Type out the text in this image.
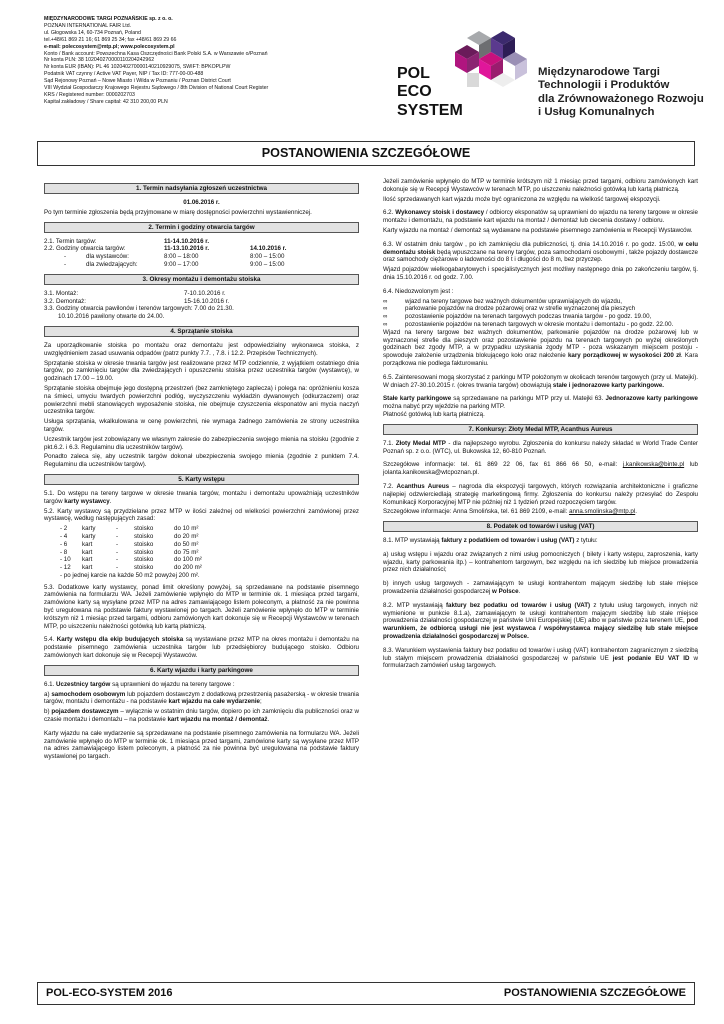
MIĘDZYNARODOWE TARGI POZNAŃSKIE sp. z o. o.
POZNAN INTERNATIONAL FAIR Ltd.
ul. Głogowska 14, 60-734 Poznań, Poland
tel.+48/61 869 21 16; 61 869 25 34; fax +48/61 869 29 66
e-mail: polecosystem@mtp.pl; www.polecosystem.pl
Konto / Bank account: Powszechna Kasa Oszczędności Bank Polski S.A. w Warszawie o/Poznań
Nr konta PLN: 38 102040270000110204242962
Nr konta EUR (IBAN): PL 46 102040270000140210929075, SWIFT: BPKOPLPW
Podatnik VAT czynny / Active VAT Payer, NIP / Tax ID: 777-00-00-488
Sąd Rejonowy Poznań – Nowe Miasto i Wilda w Poznaniu / Poznan District Court
VIII Wydział Gospodarczy Krajowego Rejestru Sądowego / 8th Division of National Court Register
KRS / Registered number: 0000202703
Kapitał zakładowy / Share capital: 42 310 200,00 PLN
POL
ECO
SYSTEM
Międzynarodowe Targi
Technologii i Produktów
dla Zrównoważonego Rozwoju
i Usług Komunalnych
POSTANOWIENIA SZCZEGÓŁOWE
1. Termin nadsyłania zgłoszeń uczestnictwa

01.06.2016 r.

Po tym terminie zgłoszenia będą przyjmowane w miarę dostępności powierzchni wystawienniczej.

2. Termin i godziny otwarcia targów
2.1. Termin targów:	11-14.10.2016 r.
2.2. Godziny otwarcia targów:	11-13.10.2016 r.	14.10.2016 r.
-	dla wystawców:	8:00 – 18:00	8:00 – 15:00
-	dla zwiedzających:	9:00 – 17:00	9:00 – 15:00
3. Okresy montażu i demontażu stoiska
3.1. Montaż:	7-10.10.2016 r.
3.2. Demontaż:	15-16.10.2016 r.
3.3. Godziny otwarcia pawilonów i terenów targowych: 7.00 do 21.30.
10.10.2016 pawilony otwarte do 24.00.
4. Sprzątanie stoiska

Za uporządkowanie stoiska po montażu oraz demontażu jest odpowiedzialny wykonawca stoiska, z uwzględnieniem zasad usuwania odpadów (patrz punkty 7.7. , 7.8. i 12.2. Przepisów Technicznych).

Sprzątanie stoiska w okresie trwania targów jest realizowane przez MTP codziennie, z wyjątkiem ostatniego dnia targów, po zamknięciu targów dla zwiedzających i opuszczeniu stoiska przez uczestnika targów (wystawcę), w godzinach 17.00 – 19.00.

Sprzątanie stoiska obejmuje jego dostępną przestrzeń (bez zamkniętego zaplecza) i polega na: opróżnieniu kosza na śmieci, umyciu twardych powierzchni podłóg, wyczyszczeniu wykładzin dywanowych (odkurzaczem) oraz powierzchni mebli stanowiących wyposażenie stoiska, nie obejmuje czyszczenia eksponatów ani mycia naczyń uczestnika targów.

Usługa sprzątania, wkalkulowana w cenę powierzchni, nie wymaga żadnego zamówienia ze strony uczestnika targów.

Uczestnik targów jest zobowiązany we własnym zakresie do zabezpieczenia swojego mienia na stoisku (zgodnie z pkt.6.2. i 6.3. Regulaminu dla uczestników targów).

Ponadto zaleca się, aby uczestnik targów dokonał ubezpieczenia swojego mienia (zgodnie z punktem 7.4. Regulaminu dla uczestników targów).

5. Karty wstępu

5.1. Do wstępu na tereny targowe w okresie trwania targów, montażu i demontażu upoważniają uczestników targów karty wystawcy.

5.2. Karty wystawcy są przydzielane przez MTP w ilości zależnej od wielkości powierzchni zamówionej przez wystawcę, według następujących zasad:

- 2	karty	-	stoisko	do 10 m²
- 4	karty	-	stoisko	do 20 m²
- 6	kart	-	stoisko	do 50 m²
- 8	kart	-	stoisko	do 75 m²
- 10	kart	-	stoisko	do 100 m²
- 12	kart	-	stoisko	do 200 m²
- po jednej karcie na każde 50 m2 powyżej 200 m².

5.3. Dodatkowe karty wystawcy, ponad limit określony powyżej, są sprzedawane na podstawie pisemnego zamówienia na formularzu WA. Jeżeli zamówienie wpłynęło do MTP w terminie ok. 1 miesiąca przed targami, zamówione karty są wysyłane przez MTP na adres zamawiającego listem poleconym, a płatność za nie powinna być uregulowana na podstawie faktury wystawionej po targach. Jeżeli zamówienie wpłynęło do MTP w terminie krótszym niż 1 miesiąc przed targami, odbioru zamówionych kart dokonuje się w Recepcji Wystawców w terenach MTP, po uiszczeniu należności gotówką lub kartą płatniczą.

5.4. Karty wstępu dla ekip budujących stoiska są wystawiane przez MTP na okres montażu i demontażu na podstawie pisemnego zamówienia uczestnika targów lub przedsiębiorcy budującego stoisko. Odbioru zamówionych kart dokonuje się w Recepcji Wystawców.

6. Karty wjazdu i karty parkingowe

6.1. Uczestnicy targów są uprawnieni do wjazdu na tereny targowe :

a) samochodem osobowym lub pojazdem dostawczym z dodatkową przestrzenią pasażerską - w okresie trwania targów, montażu i demontażu - na podstawie kart wjazdu na całe wydarzenie;

b) pojazdem dostawczym – wyłącznie w ostatnim dniu targów, dopiero po ich zamknięciu dla publiczności oraz w czasie montażu i demontażu – na podstawie kart wjazdu na montaż / demontaż.

Karty wjazdu na całe wydarzenie są sprzedawane na podstawie pisemnego zamówienia na formularzu WA. Jeżeli zamówienie wpłynęło do MTP w terminie ok. 1 miesiąca przed targami, zamówione karty są wysyłane przez MTP na adres zamawiającego listem poleconym, a płatność za nie powinna być uregulowana na podstawie faktury wystawionej po targach.

Jeżeli zamówienie wpłynęło do MTP w terminie krótszym niż 1 miesiąc przed targami, odbioru zamówionych kart dokonuje się w Recepcji Wystawców w terenach MTP, po uiszczeniu należności gotówką lub kartą płatniczą.

Ilość sprzedawanych kart wjazdu może być ograniczona ze względu na wielkość targowej ekspozycji.

6.2. Wykonawcy stoisk i dostawcy / odbiorcy eksponatów są uprawnieni do wjazdu na tereny targowe w okresie montażu i demontażu, na podstawie kart wjazdu na montaż / demontaż lub ciecenia dostawy / odbioru.

Karty wjazdu na montaż / demontaż są wydawane na podstawie pisemnego zamówienia w Recepcji Wystawców.

6.3. W ostatnim dniu targów , po ich zamknięciu dla publiczności, tj. dnia 14.10.2016 r. po godz. 15:00, w celu demontażu stoisk będą wpuszczane na tereny targów, poza samochodami osobowymi , także pojazdy dostawcze oraz samochody ciężarowe o ładowności do 8 t i długości do 8 m, bez przyczep.

Wjazd pojazdów wielkogabarytowych i specjalistycznych jest możliwy następnego dnia po zakończeniu targów, tj. dnia 15.10.2016 r. od godz. 7.00.

6.4. Niedozwolonym jest :

∞	wjazd na tereny targowe bez ważnych dokumentów uprawniających do wjazdu,
∞	parkowanie pojazdów na drodze pożarowej oraz w strefie wyznaczonej dla pieszych
∞	pozostawienie pojazdów na terenach targowych podczas trwania targów - po godz. 19.00,
∞	pozostawienie pojazdów na terenach targowych w okresie montażu i demontażu - po godz. 22.00.

Wjazd na tereny targowe bez ważnych dokumentów, parkowanie pojazdów na drodze pożarowej lub w wyznaczonej strefie dla pieszych oraz pozostawienie pojazdu na terenach targowych po wyżej określonych godzinach bez zgody MTP, a w przypadku uzyskania zgody MTP - poza wskazanym miejscem postoju - spowoduje założenie urządzenia blokującego koło oraz nałożenie kary porządkowej w wysokości 200 zł. Kara porządkowa nie podlega fakturowaniu.

6.5. Zainteresowani mogą skorzystać z parkingu MTP położonym w okolicach terenów targowych (przy ul. Matejki). W dniach 27-30.10.2015 r. (okres trwania targów) obowiązują stałe i jednorazowe karty parkingowe.

Stałe karty parkingowe są sprzedawane na parkingu MTP przy ul. Matejki 63. Jednorazowe karty parkingowe można nabyć przy wjeździe na parking MTP.

Płatność gotówką lub kartą płatniczą.

7. Konkursy: Złoty Medal MTP, Acanthus Aureus

7.1. Złoty Medal MTP - dla najlepszego wyrobu. Zgłoszenia do konkursu należy składać w World Trade Center Poznań sp. z o.o. (WTC), ul. Bukowska 12, 60-810 Poznań.

Szczegółowe informacje: tel. 61 869 22 06, fax 61 866 66 50, e-mail: j.kanikowska@binte.pl lub jolanta.kanikowska@wtcpoznan.pl.

7.2. Acanthus Aureus – nagroda dla ekspozycji targowych, których rozwiązania architektoniczne i graficzne najlepiej odzwierciedlają strategię marketingową firmy. Zgłoszenia do konkursu należy przesyłać do Zespołu Komunikacji Korporacyjnej MTP nie później niż 1 tydzień przed rozpoczęciem targów.

Szczegółowe informacje: Anna Smolińska, tel. 61 869 2109, e-mail: anna.smolinska@mtp.pl.

8. Podatek od towarów i usług (VAT)

8.1. MTP wystawiają faktury z podatkiem od towarów i usług (VAT) z tytułu:

a) usług wstępu i wjazdu oraz związanych z nimi usług pomocniczych ( bilety i karty wstępu, zaproszenia, karty wjazdu, karty parkowania itp.) – kontrahentom targowym, bez względu na ich siedzibę lub miejsce prowadzenia przez nich działalności;

b) innych usług targowych - zamawiającym te usługi kontrahentom mającym siedzibę lub stałe miejsce prowadzenia działalności gospodarczej w Polsce.

8.2. MTP wystawiają faktury bez podatku od towarów i usług (VAT) z tytułu usług targowych, innych niż wymienione w punkcie 8.1.a), zamawiającym te usługi kontrahentom mającym siedzibę lub stałe miejsce prowadzenia działalności gospodarczej w państwie Unii Europejskiej (UE) albo w państwie poza terenem UE, pod warunkiem, że odbiorcą usługi nie jest wystawca / współwystawca mający siedzibę lub stałe miejsce prowadzenia działalności gospodarczej w Polsce.

8.3. Warunkiem wystawienia faktury bez podatku od towarów i usług (VAT) kontrahentom zagranicznym z siedzibą lub stałym miejscem prowadzenia działalności gospodarczej w państwie UE jest podanie EU VAT ID w formularzach zamówień usług targowych.

POL-ECO-SYSTEM 2016	POSTANOWIENIA SZCZEGÓŁOWE
